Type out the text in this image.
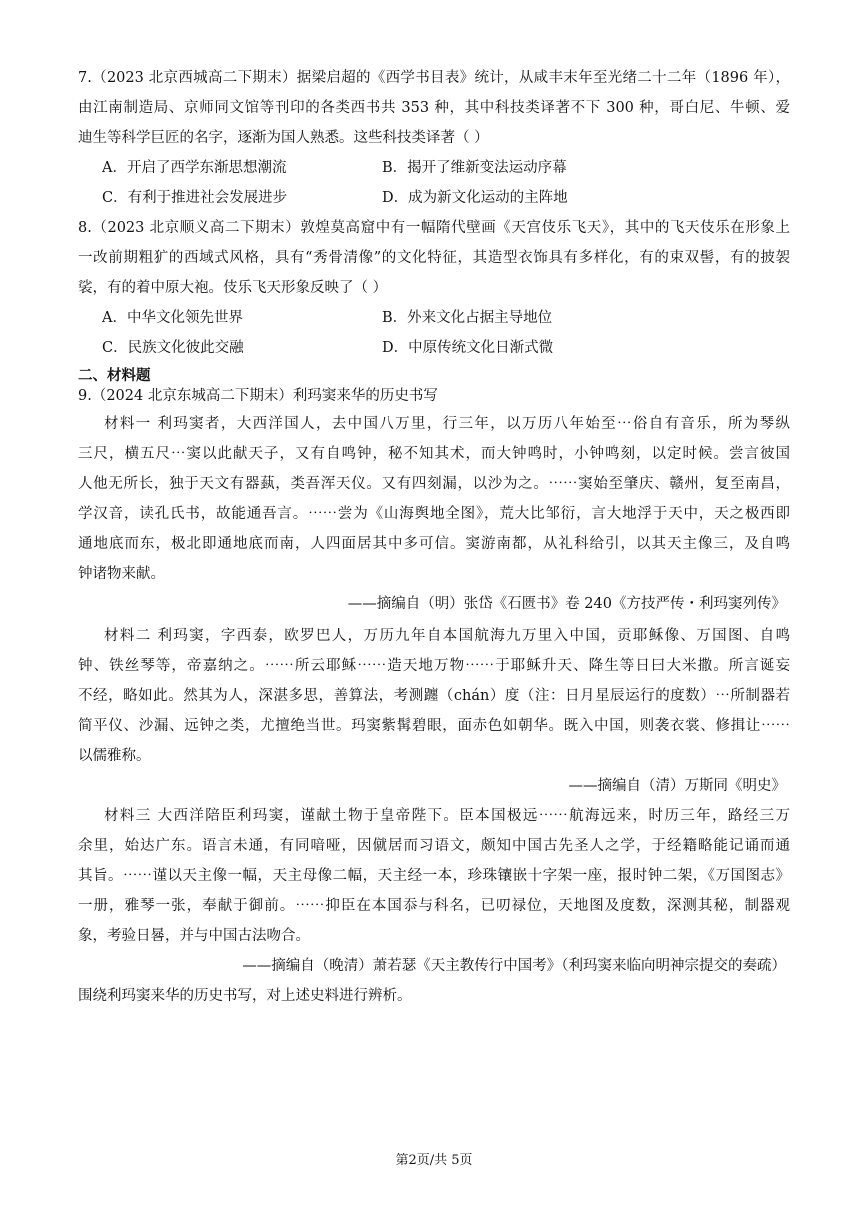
7.（2023 北京西城高二下期末）据梁启超的《西学书目表》统计，从咸丰末年至光绪二十二年（1896 年），
由江南制造局、京师同文馆等刊印的各类西书共 353 种，其中科技类译著不下 300 种，哥白尼、牛顿、爱
迪生等科学巨匠的名字，逐渐为国人熟悉。这些科技类译著（ ）
A．开启了西学东渐思想潮流	B．揭开了维新变法运动序幕
C．有利于推进社会发展进步	D．成为新文化运动的主阵地
8.（2023 北京顺义高二下期末）敦煌莫高窟中有一幅隋代壁画《天宫伎乐飞天》，其中的飞天伎乐在形象上
一改前期粗犷的西域式风格，具有“秀骨清像”的文化特征，其造型衣饰具有多样化，有的束双髻，有的披袈
裟，有的着中原大袍。伎乐飞天形象反映了（ ）
A．中华文化领先世界	B．外来文化占据主导地位
C．民族文化彼此交融	D．中原传统文化日渐式微
二、材料题
9.（2024 北京东城高二下期末）利玛窦来华的历史书写
材料一 利玛窦者，大西洋国人，去中国八万里，行三年，以万历八年始至⋯俗自有音乐，所为琴纵
三尺，横五尺⋯窦以此献天子，又有自鸣钟，秘不知其术，而大钟鸣时，小钟鸣刻，以定时候。尝言彼国
人他无所长，独于天文有器蓺，类吾浑天仪。又有四刻漏，以沙为之。⋯⋯窦始至肇庆、赣州，复至南昌，
学汉音，读孔氏书，故能通吾言。⋯⋯尝为《山海舆地全图》，荒大比邹衍，言大地浮于天中，天之极西即
通地底而东，极北即通地底而南，人四面居其中多可信。窦游南都，从礼科给引，以其天主像三，及自鸣
钟诸物来献。
——摘编自（明）张岱《石匮书》卷 240《方技严传・利玛窦列传》
材料二 利玛窦，字西泰，欧罗巴人，万历九年自本国航海九万里入中国，贡耶稣像、万国图、自鸣
钟、铁丝琴等，帝嘉纳之。⋯⋯所云耶稣⋯⋯造天地万物⋯⋯于耶稣升天、降生等日曰大米撒。所言诞妄
不经，略如此。然其为人，深湛多思，善算法，考测躔（chán）度（注：日月星辰运行的度数）⋯所制器若
简平仪、沙漏、远钟之类，尤擅绝当世。玛窦紫髯碧眼，面赤色如朝华。既入中国，则袭衣裳、修揖让⋯⋯
以儒雅称。
——摘编自（清）万斯同《明史》
材料三 大西洋陪臣利玛窦，谨献土物于皇帝陛下。臣本国极远⋯⋯航海远来，时历三年，路经三万
余里，始达广东。语言未通，有同喑哑，因僦居而习语文，颇知中国古先圣人之学，于经籍略能记诵而通
其旨。⋯⋯谨以天主像一幅，天主母像二幅，天主经一本，珍珠镶嵌十字架一座，报时钟二架，《万国图志》
一册，雅琴一张，奉献于御前。⋯⋯抑臣在本国忝与科名，已叨禄位，天地图及度数，深测其秘，制器观
象，考验日晷，并与中国古法吻合。
——摘编自（晚清）萧若瑟《天主教传行中国考》（利玛窦来临向明神宗提交的奏疏）
围绕利玛窦来华的历史书写，对上述史料进行辨析。
第2页/共 5页
